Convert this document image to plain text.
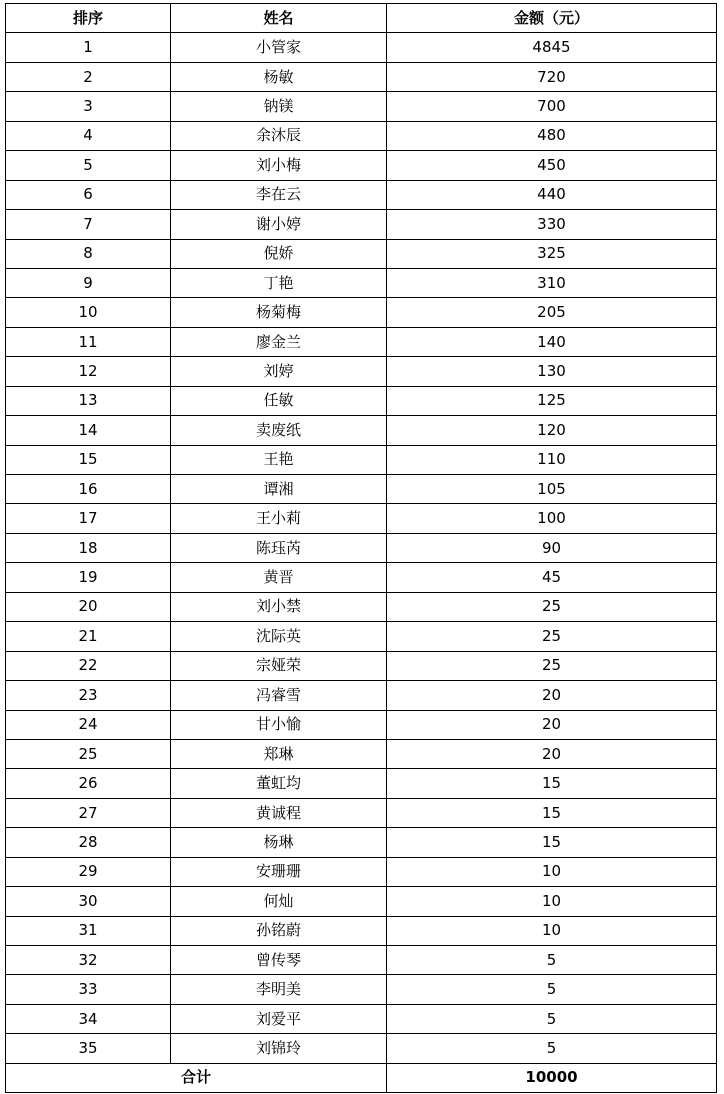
排序	姓名	金额（元）
1	小管家	4845
2	杨敏	720
3	钠镁	700
4	余沐辰	480
5	刘小梅	450
6	李在云	440
7	谢小婷	330
8	倪娇	325
9	丁艳	310
10	杨菊梅	205
11	廖金兰	140
12	刘婷	130
13	任敏	125
14	卖废纸	120
15	王艳	110
16	谭湘	105
17	王小莉	100
18	陈珏芮	90
19	黄晋	45
20	刘小禁	25
21	沈际英	25
22	宗娅荣	25
23	冯睿雪	20
24	甘小愉	20
25	郑琳	20
26	董虹均	15
27	黄诚程	15
28	杨琳	15
29	安珊珊	10
30	何灿	10
31	孙铭蔚	10
32	曾传琴	5
33	李明美	5
34	刘爱平	5
35	刘锦玲	5
合计		10000
